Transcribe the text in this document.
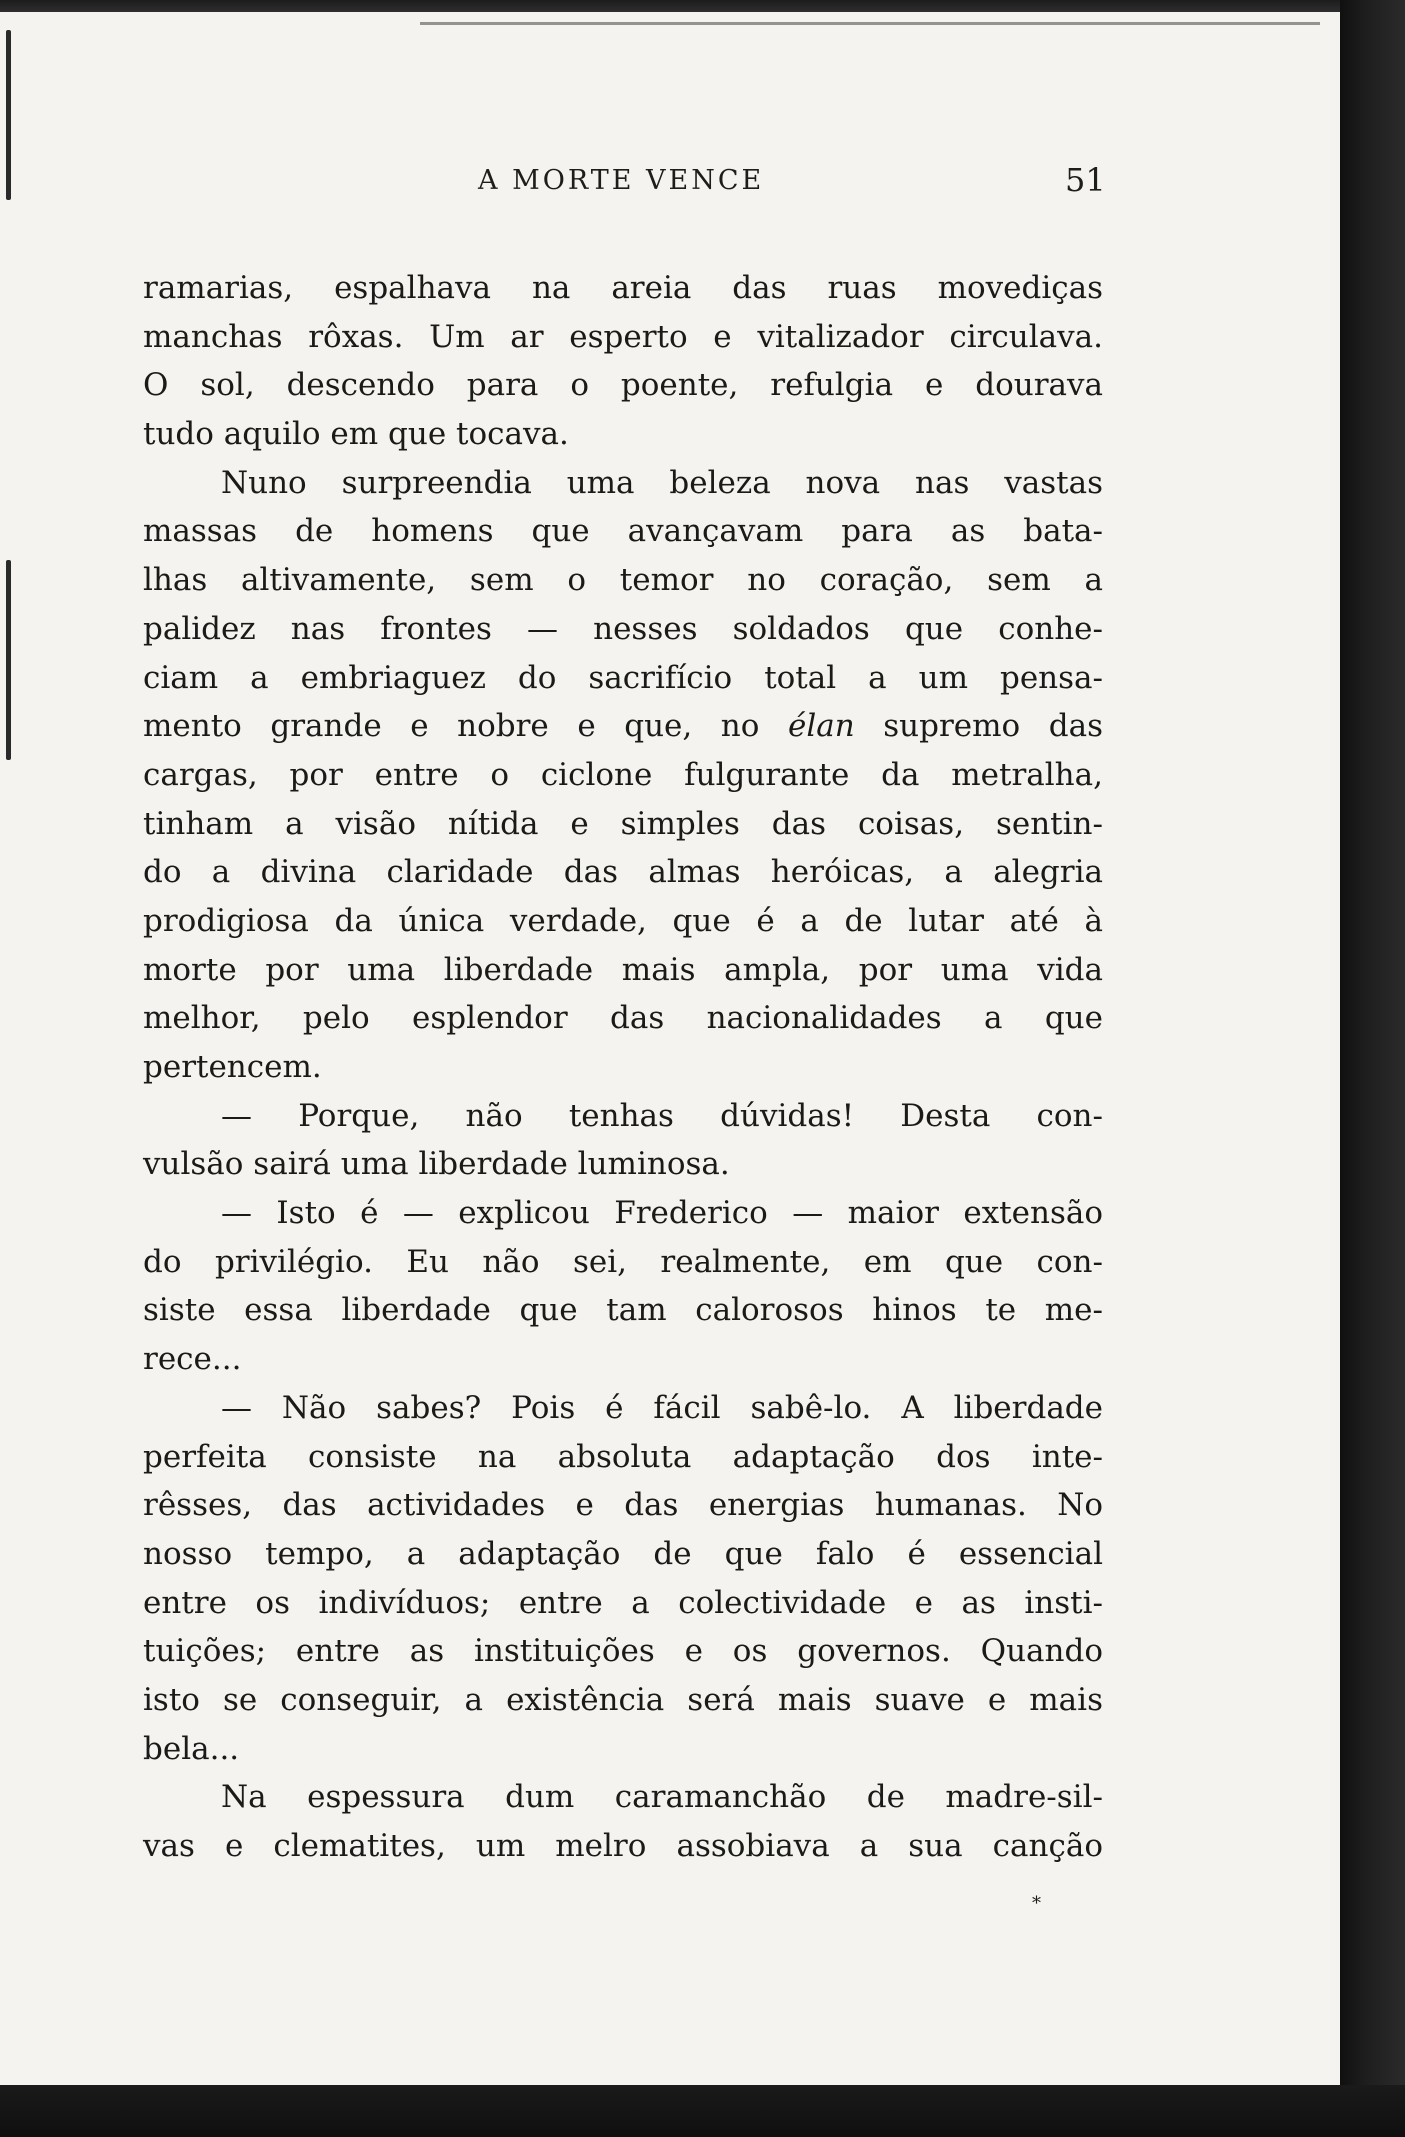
A MORTE VENCE	51
ramarias, espalhava na areia das ruas movediças
manchas rôxas. Um ar esperto e vitalizador circulava.
O sol, descendo para o poente, refulgia e dourava
tudo aquilo em que tocava.
Nuno surpreendia uma beleza nova nas vastas
massas de homens que avançavam para as bata-
lhas altivamente, sem o temor no coração, sem a
palidez nas frontes — nesses soldados que conhe-
ciam a embriaguez do sacrifício total a um pensa-
mento grande e nobre e que, no élan supremo das
cargas, por entre o ciclone fulgurante da metralha,
tinham a visão nítida e simples das coisas, sentin-
do a divina claridade das almas heróicas, a alegria
prodigiosa da única verdade, que é a de lutar até à
morte por uma liberdade mais ampla, por uma vida
melhor, pelo esplendor das nacionalidades a que
pertencem.
— Porque, não tenhas dúvidas! Desta con-
vulsão sairá uma liberdade luminosa.
— Isto é — explicou Frederico — maior extensão
do privilégio. Eu não sei, realmente, em que con-
siste essa liberdade que tam calorosos hinos te me-
rece...
— Não sabes? Pois é fácil sabê-lo. A liberdade
perfeita consiste na absoluta adaptação dos inte-
rêsses, das actividades e das energias humanas. No
nosso tempo, a adaptação de que falo é essencial
entre os indivíduos; entre a colectividade e as insti-
tuições; entre as instituições e os governos. Quando
isto se conseguir, a existência será mais suave e mais
bela...
Na espessura dum caramanchão de madre-sil-
vas e clematites, um melro assobiava a sua canção
*
